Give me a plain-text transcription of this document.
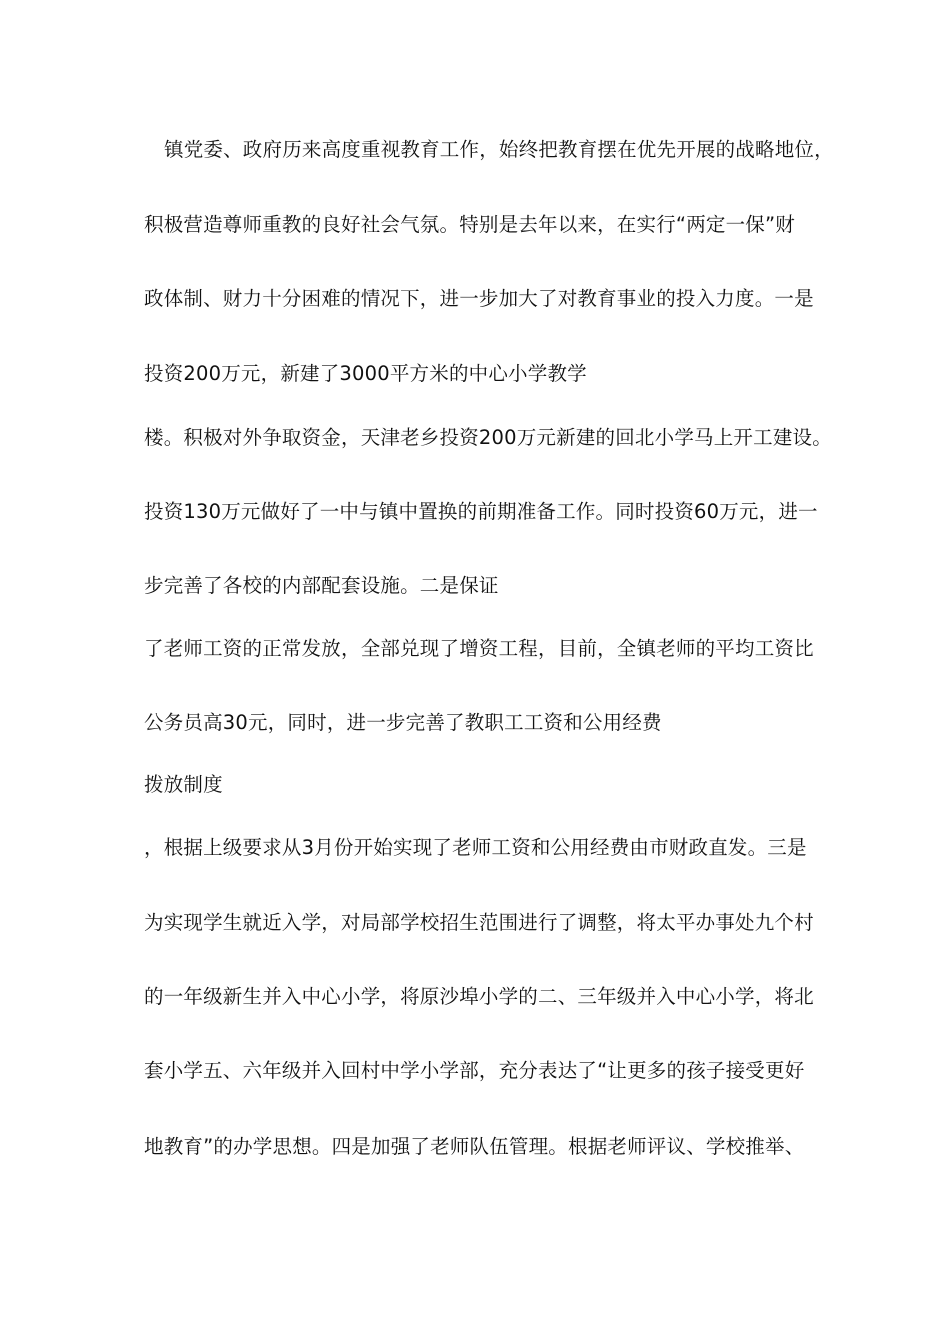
镇党委、政府历来高度重视教育工作，始终把教育摆在优先开展的战略地位，
积极营造尊师重教的良好社会气氛。特别是去年以来，在实行“两定一保”财
政体制、财力十分困难的情况下，进一步加大了对教育事业的投入力度。一是
投资200万元，新建了3000平方米的中心小学教学
楼。积极对外争取资金，天津老乡投资200万元新建的回北小学马上开工建设。
投资130万元做好了一中与镇中置换的前期准备工作。同时投资60万元，进一
步完善了各校的内部配套设施。二是保证
了老师工资的正常发放，全部兑现了增资工程，目前，全镇老师的平均工资比
公务员高30元，同时，进一步完善了教职工工资和公用经费
拨放制度
，根据上级要求从3月份开始实现了老师工资和公用经费由市财政直发。三是
为实现学生就近入学，对局部学校招生范围进行了调整，将太平办事处九个村
的一年级新生并入中心小学，将原沙埠小学的二、三年级并入中心小学，将北
套小学五、六年级并入回村中学小学部，充分表达了“让更多的孩子接受更好
地教育”的办学思想。四是加强了老师队伍管理。根据老师评议、学校推举、
